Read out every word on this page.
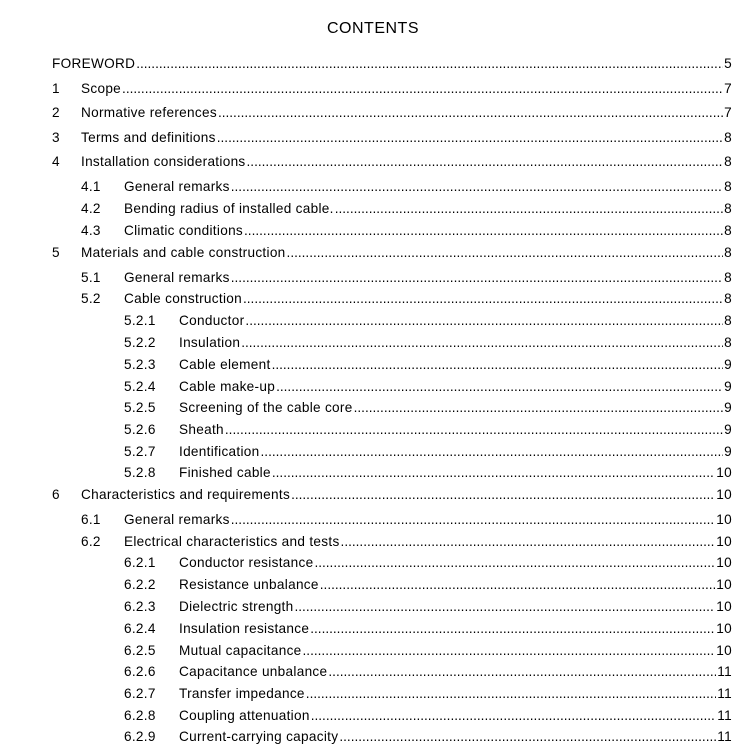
CONTENTS
FOREWORD .....	5
1 Scope .....	7
2 Normative references .....	7
3 Terms and definitions .....	8
4 Installation considerations .....	8
4.1 General remarks .....	8
4.2 Bending radius of installed cable. .....	8
4.3 Climatic conditions .....	8
5 Materials and cable construction .....	8
5.1 General remarks .....	8
5.2 Cable construction .....	8
5.2.1 Conductor .....	8
5.2.2 Insulation .....	8
5.2.3 Cable element .....	9
5.2.4 Cable make-up .....	9
5.2.5 Screening of the cable core .....	9
5.2.6 Sheath .....	9
5.2.7 Identification .....	9
5.2.8 Finished cable .....	10
6 Characteristics and requirements .....	10
6.1 General remarks .....	10
6.2 Electrical characteristics and tests .....	10
6.2.1 Conductor resistance .....	10
6.2.2 Resistance unbalance .....	10
6.2.3 Dielectric strength .....	10
6.2.4 Insulation resistance .....	10
6.2.5 Mutual capacitance .....	10
6.2.6 Capacitance unbalance .....	11
6.2.7 Transfer impedance .....	11
6.2.8 Coupling attenuation .....	11
6.2.9 Current-carrying capacity .....	11
